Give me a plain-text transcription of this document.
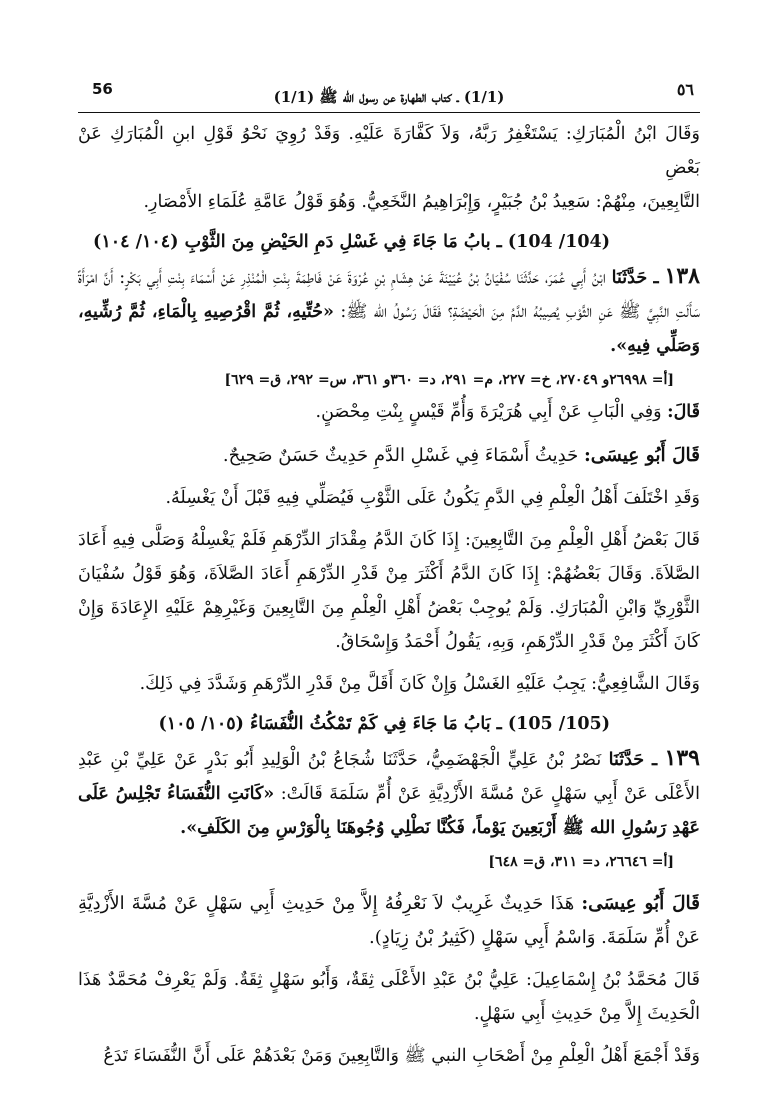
56	(1/1) ـ كتاب الطهارة عن رسول الله ﷺ (1/1)	٥٦

وَقَالَ ابْنُ الْمُبَارَكِ: يَسْتَغْفِرُ رَبَّهُ، وَلاَ كَفَّارَةَ عَلَيْهِ. وَقَدْ رُوِيَ نَحْوُ قَوْلِ ابنِ الْمُبَارَكِ عَنْ بَعْضِ

التَّابِعِينَ، مِنْهُمْ: سَعِيدُ بْنُ جُبَيْرٍ، وَإِبْرَاهِيمُ النَّخَعِيُّ. وَهُوَ قَوْلُ عَامَّةِ عُلَمَاءِ الأَمْصَارِ.

(104/ 104) ـ بابُ مَا جَاءَ فِي غَسْلِ دَمِ الحَيْضِ مِنَ الثَّوْبِ (١٠٤/ ١٠٤)

١٣٨ ـ حَدَّثَنَا ابْنُ أَبِي عُمَرَ، حَدَّثَنَا سُفْيَانُ بْنُ عُيَيْنَةَ عَنْ هِشَامِ بْنِ عُرْوَةَ عَنْ فَاطِمَةَ بِنْتِ الْمُنْذِرِ عَنْ أَسْمَاءَ بِنْتِ أَبِي بَكْرٍ: أَنَّ امْرَأَةً سَأَلَتِ النَّبِيَّ ﷺ عَنِ الثَّوْبِ يُصِيبُهُ الدَّمُ مِنَ الْحَيْضَةِ؟ فَقَالَ رَسُولُ الله ﷺ: «حُتِّيهِ، ثُمَّ اقْرُصِيهِ بِالْمَاءِ، ثُمَّ رُشِّيهِ، وَصَلِّي فِيهِ».

[أ= ٢٦٩٩٨و ٢٧٠٤٩، خ= ٢٢٧، م= ٢٩١، د= ٣٦٠و ٣٦١، س= ٢٩٢، ق= ٦٢٩]

قَالَ: وَفِي الْبَابِ عَنْ أَبِي هُرَيْرَةَ وَأُمِّ قَيْسٍ بِنْتِ مِحْصَنٍ.

قَالَ أَبُو عِيسَى: حَدِيثُ أَسْمَاءَ فِي غَسْلِ الدَّمِ حَدِيثٌ حَسَنٌ صَحِيحٌ.

وَقَدِ اخْتَلَفَ أَهْلُ الْعِلْمِ فِي الدَّمِ يَكُونُ عَلَى الثَّوْبِ فَيُصَلِّي فِيهِ قَبْلَ أَنْ يَغْسِلَهُ.

قَالَ بَعْضُ أَهْلِ الْعِلْمِ مِنَ التَّابِعِينَ: إِذَا كَانَ الدَّمُ مِقْدَارَ الدِّرْهَمِ فَلَمْ يَغْسِلْهُ وَصَلَّى فِيهِ أَعَادَ الصَّلاَةَ. وَقَالَ بَعْضُهُمْ: إِذَا كَانَ الدَّمُ أَكْثَرَ مِنْ قَدْرِ الدِّرْهَمِ أَعَادَ الصَّلاَةَ، وَهُوَ قَوْلُ سُفْيَانَ الثَّوْرِيِّ وَابْنِ الْمُبَارَكِ. وَلَمْ يُوجِبْ بَعْضُ أَهْلِ الْعِلْمِ مِنَ التَّابِعِينَ وَغَيْرِهِمْ عَلَيْهِ الإِعَادَةَ وَإِنْ كَانَ أَكْثَرَ مِنْ قَدْرِ الدِّرْهَمِ، وَبِهِ، يَقُولُ أَحْمَدُ وَإِسْحَاقُ.

وَقَالَ الشَّافِعِيُّ: يَجِبُ عَلَيْهِ الغَسْلُ وَإِنْ كَانَ أَقَلَّ مِنْ قَدْرِ الدِّرْهَمِ وَشَدَّدَ فِي ذَلِكَ.

(105/ 105) ـ بَابُ مَا جَاءَ فِي كَمْ تَمْكُثُ النُّفَسَاءُ (١٠٥/ ١٠٥)

١٣٩ ـ حَدَّثَنَا نَصْرُ بْنُ عَلِيٍّ الْجَهْضَمِيُّ، حَدَّثَنَا شُجَاعُ بْنُ الْوَلِيدِ أَبُو بَدْرٍ عَنْ عَلِيِّ بْنِ عَبْدِ الأَعْلَى عَنْ أَبِي سَهْلٍ عَنْ مُسَّةَ الأَزْدِيَّةِ عَنْ أُمِّ سَلَمَةَ قَالَتْ: «كَانَتِ النُّفَسَاءُ تَجْلِسُ عَلَى عَهْدِ رَسُولِ الله ﷺ أَرْبَعِينَ يَوْماً، فَكُنَّا نَطْلِي وُجُوهَنَا بِالْوَرْسِ مِنَ الكَلَفِ».

[أ= ٢٦٦٤٦، د= ٣١١، ق= ٦٤٨]

قَالَ أَبُو عِيسَى: هَذَا حَدِيثٌ غَرِيبٌ لاَ نَعْرِفُهُ إِلاَّ مِنْ حَدِيثِ أَبِي سَهْلٍ عَنْ مُسَّةَ الأَزْدِيَّةِ عَنْ أُمِّ سَلَمَةَ. وَاسْمُ أَبِي سَهْلٍ (كَثِيرُ بْنُ زِيَادٍ).

قَالَ مُحَمَّدُ بْنُ إِسْمَاعِيلَ: عَلِيُّ بْنُ عَبْدِ الأَعْلَى ثِقَةٌ، وَأَبُو سَهْلٍ ثِقَةٌ. وَلَمْ يَعْرِفْ مُحَمَّدٌ هَذَا الْحَدِيثَ إِلاَّ مِنْ حَدِيثِ أَبِي سَهْلٍ.

وَقَدْ أَجْمَعَ أَهْلُ الْعِلْمِ مِنْ أَصْحَابِ النبي ﷺ وَالتَّابِعِينَ وَمَنْ بَعْدَهُمْ عَلَى أَنَّ النُّفَسَاءَ تَدَعُ
